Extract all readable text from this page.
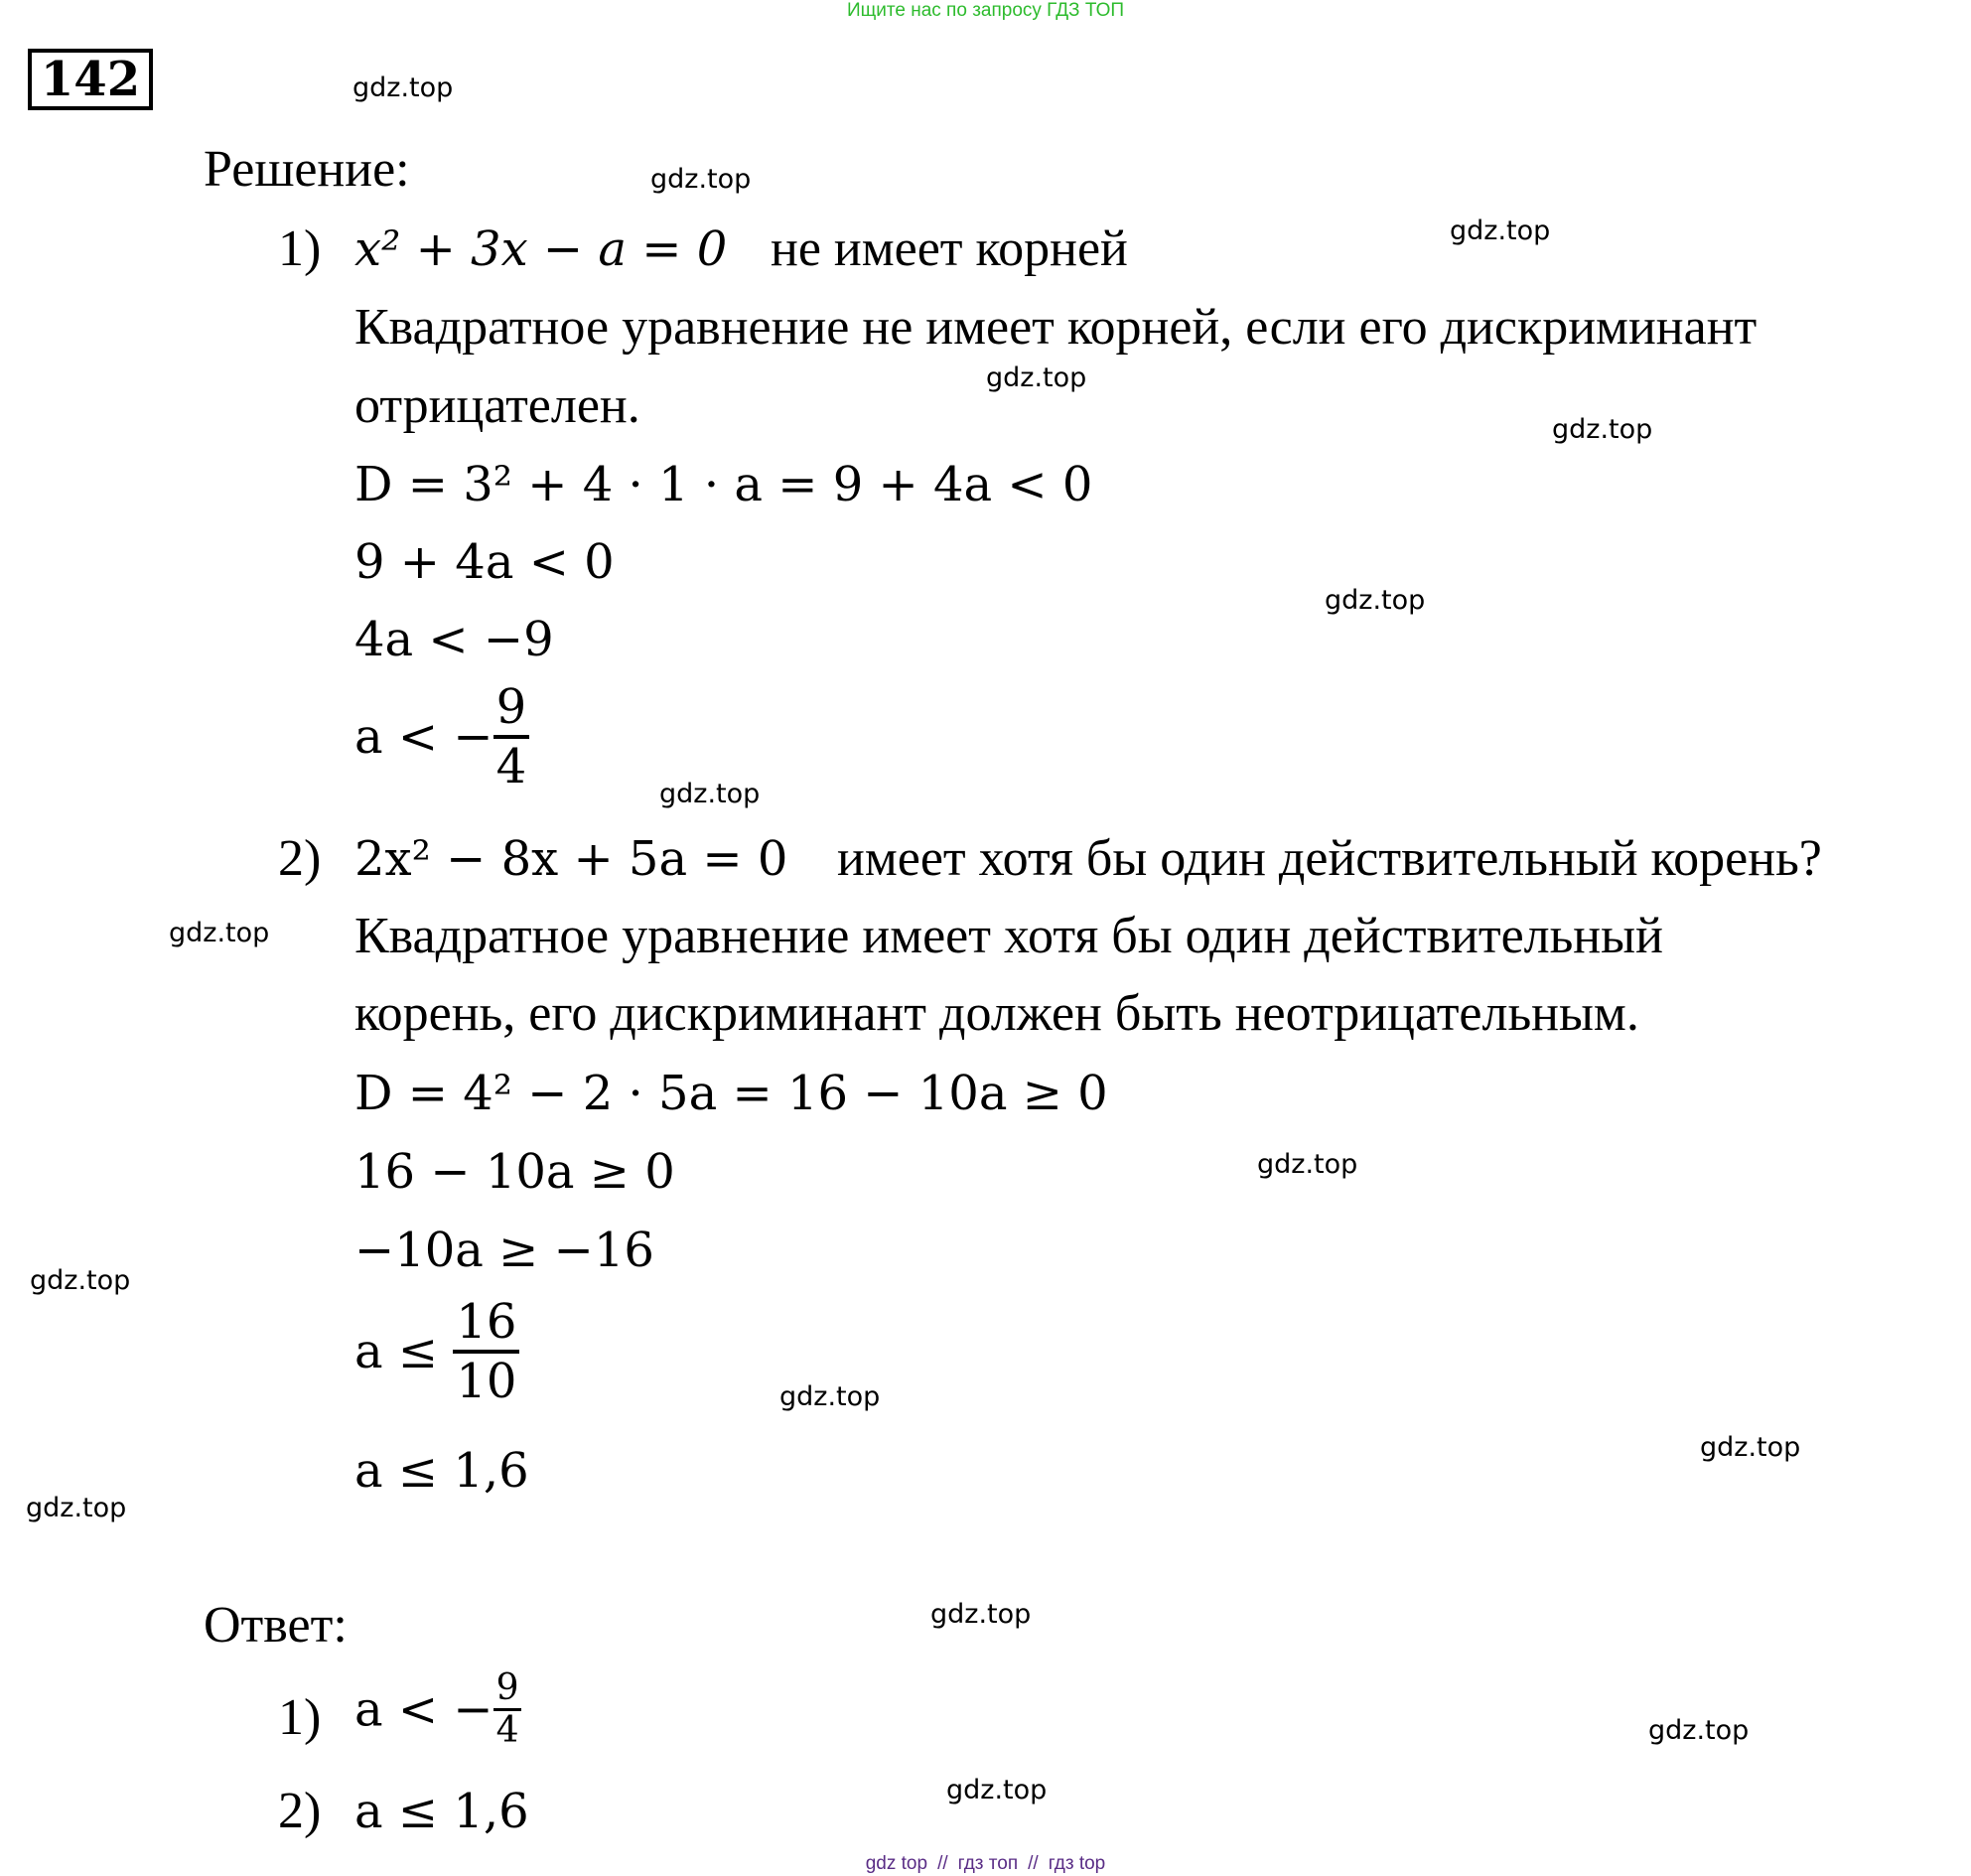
Ищите нас по запросу ГДЗ ТОП
142	gdz.top
gdz.top
gdz.top
gdz.top
gdz.top
gdz.top
gdz.top
gdz.top
gdz.top
gdz.top
gdz.top
gdz.top
gdz.top
gdz.top
gdz.top
gdz.top
Решение:
1) x² + 3x − a = 0 не имеет корней
Квадратное уравнение не имеет корней, если его дискриминант
отрицателен.
D = 3² + 4 · 1 · a = 9 + 4a < 0
9 + 4a < 0
4a < −9
a < − $\frac{9}{4}$
2) 2x² − 8x + 5a = 0 имеет хотя бы один действительный корень?
Квадратное уравнение имеет хотя бы один действительный
корень, его дискриминант должен быть неотрицательным.
D = 4² − 2 · 5a = 16 − 10a ≥ 0
16 − 10a ≥ 0
−10a ≥ −16
$a \le \frac{16}{10}$
a ≤ 1,6
Ответ:
1) a < − $\frac{9}{4}$
2) a ≤ 1,6
gdz top // гдз топ // гдз top
